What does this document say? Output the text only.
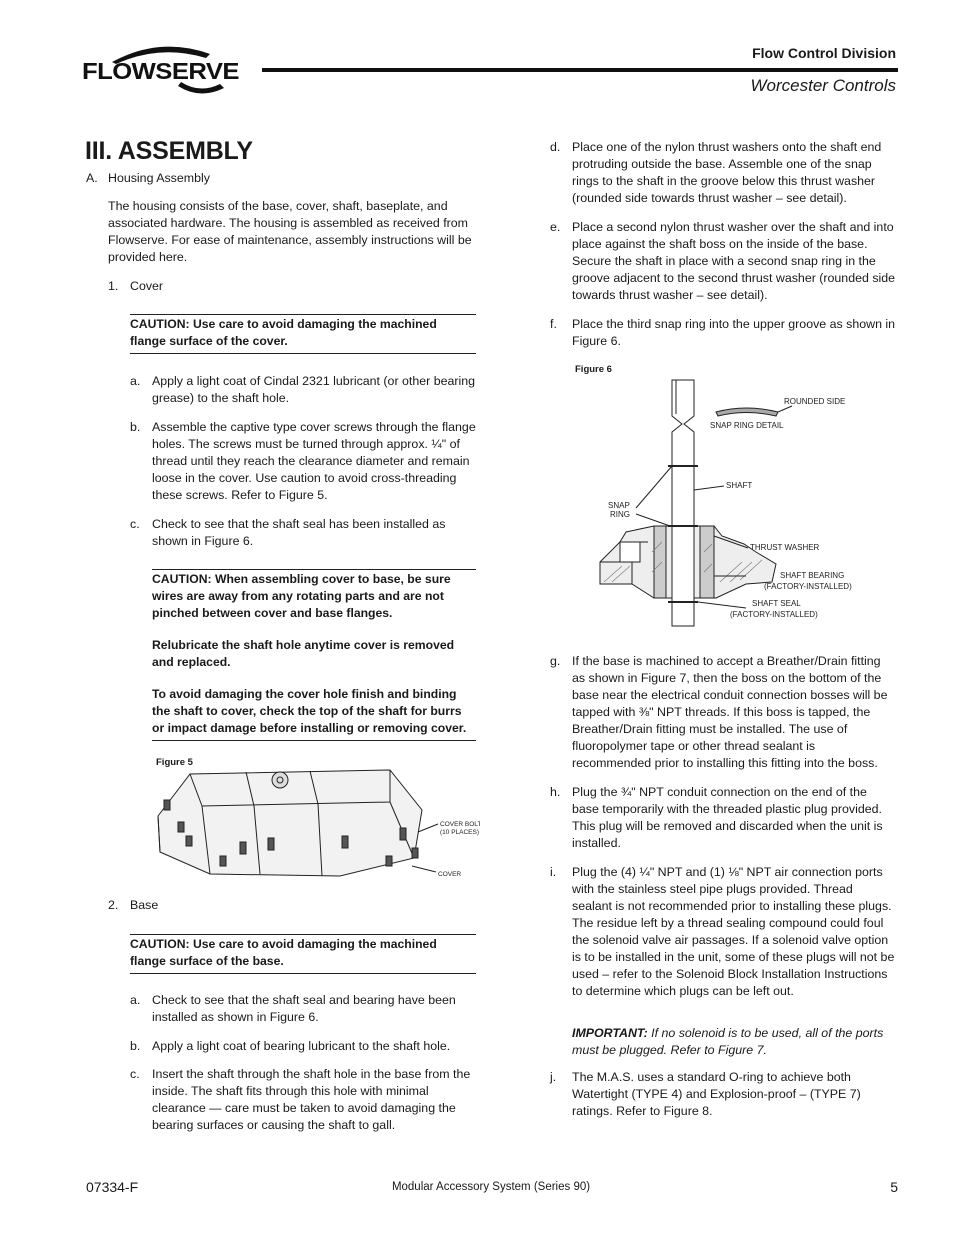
FLOWSERVE
Flow Control Division
Worcester Controls
III. ASSEMBLY
A. Housing Assembly
The housing consists of the base, cover, shaft, baseplate, and associated hardware. The housing is assembled as received from Flowserve. For ease of maintenance, assembly instructions will be provided here.
1. Cover
CAUTION: Use care to avoid damaging the machined flange surface of the cover.
a. Apply a light coat of Cindal 2321 lubricant (or other bearing grease) to the shaft hole.
b. Assemble the captive type cover screws through the flange holes. The screws must be turned through approx. ¼" of thread until they reach the clearance diameter and remain loose in the cover. Use caution to avoid cross-threading these screws. Refer to Figure 5.
c. Check to see that the shaft seal has been installed as shown in Figure 6.
CAUTION: When assembling cover to base, be sure wires are away from any rotating parts and are not pinched between cover and base flanges.
Relubricate the shaft hole anytime cover is removed and replaced.
To avoid damaging the cover hole finish and binding the shaft to cover, check the top of the shaft for burrs or impact damage before installing or removing cover.
Figure 5
COVER BOLT
(10 PLACES)
COVER
2. Base
CAUTION: Use care to avoid damaging the machined flange surface of the base.
a. Check to see that the shaft seal and bearing have been installed as shown in Figure 6.
b. Apply a light coat of bearing lubricant to the shaft hole.
c. Insert the shaft through the shaft hole in the base from the inside. The shaft fits through this hole with minimal clearance — care must be taken to avoid damaging the bearing surfaces or causing the shaft to gall.
d. Place one of the nylon thrust washers onto the shaft end protruding outside the base. Assemble one of the snap rings to the shaft in the groove below this thrust washer (rounded side towards thrust washer – see detail).
e. Place a second nylon thrust washer over the shaft and into place against the shaft boss on the inside of the base. Secure the shaft in place with a second snap ring in the groove adjacent to the second thrust washer (rounded side towards thrust washer – see detail).
f.	Place the third snap ring into the upper groove as shown in Figure 6.
Figure 6
ROUNDED SIDE
SNAP RING DETAIL
SHAFT
SNAP
RING
THRUST WASHER
SHAFT BEARING
(FACTORY-INSTALLED)
SHAFT SEAL
(FACTORY-INSTALLED)
g. If the base is machined to accept a Breather/Drain fitting as shown in Figure 7, then the boss on the bottom of the base near the electrical conduit connection bosses will be tapped with ⅜" NPT threads. If this boss is tapped, the Breather/Drain fitting must be installed. The use of fluoropolymer tape or other thread sealant is recommended prior to installing this fitting into the boss.
h. Plug the ¾" NPT conduit connection on the end of the base temporarily with the threaded plastic plug provided. This plug will be removed and discarded when the unit is installed.
i.	Plug the (4) ¼" NPT and (1) ⅛" NPT air connection ports with the stainless steel pipe plugs provided. Thread sealant is not recommended prior to installing these plugs. The residue left by a thread sealing compound could foul the solenoid valve air passages. If a solenoid valve option is to be installed in the unit, some of these plugs will not be used – refer to the Solenoid Block Installation Instructions to determine which plugs can be left out.
IMPORTANT: If no solenoid is to be used, all of the ports must be plugged. Refer to Figure 7.
j.	The M.A.S. uses a standard O-ring to achieve both Watertight (TYPE 4) and Explosion-proof – (TYPE 7) ratings. Refer to Figure 8.
07334-F	Modular Accessory System (Series 90)	5
